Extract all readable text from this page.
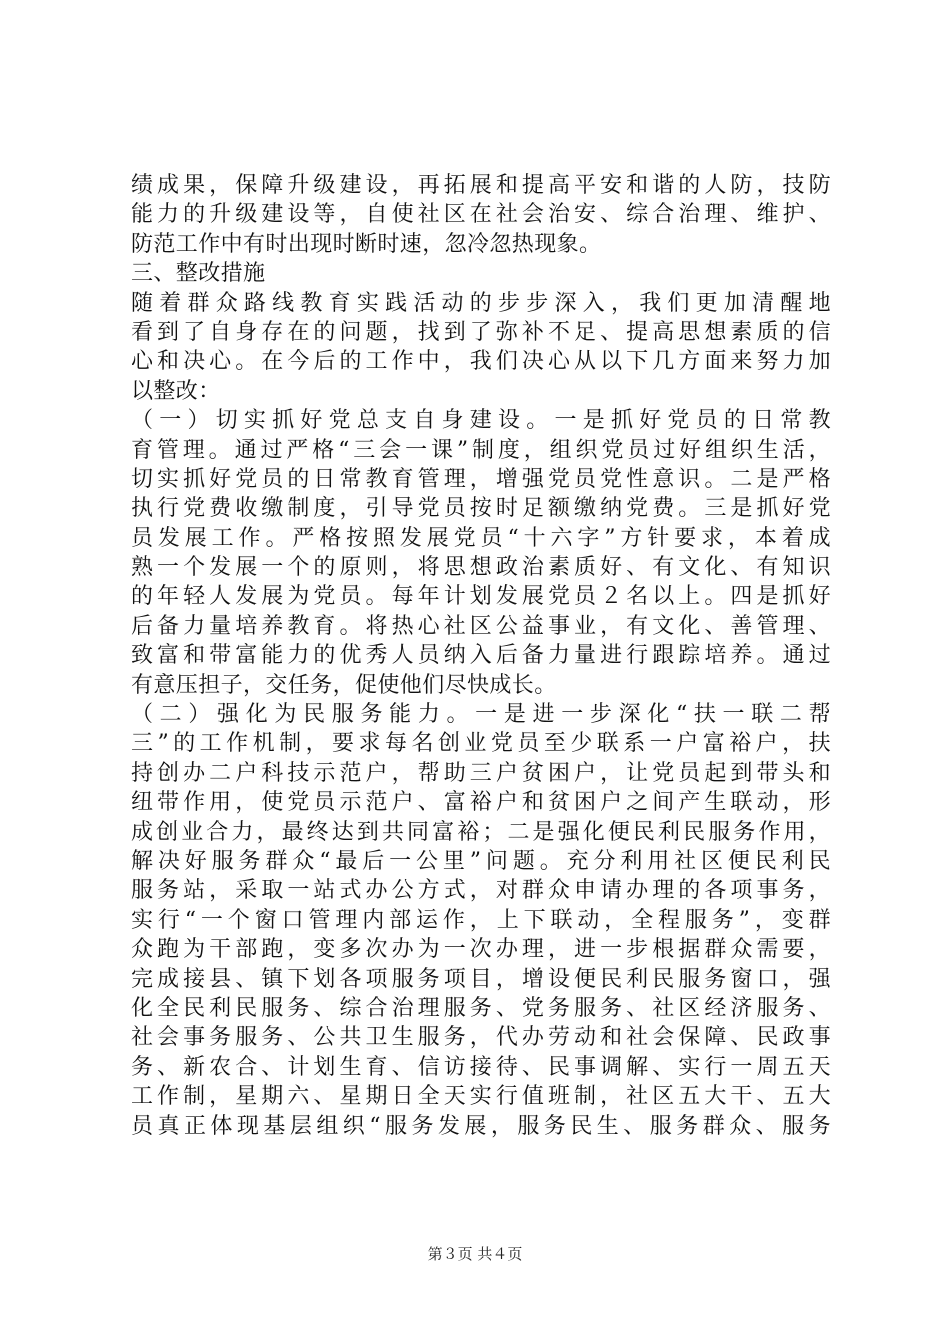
绩成果，保障升级建设，再拓展和提高平安和谐的人防，技防
能力的升级建设等，自使社区在社会治安、综合治理、维护、
防范工作中有时出现时断时速，忽冷忽热现象。
三、整改措施
随着群众路线教育实践活动的步步深入，我们更加清醒地
看到了自身存在的问题，找到了弥补不足、提高思想素质的信
心和决心。在今后的工作中，我们决心从以下几方面来努力加
以整改：
（一）切实抓好党总支自身建设。一是抓好党员的日常教
育管理。通过严格“三会一课”制度，组织党员过好组织生活，
切实抓好党员的日常教育管理，增强党员党性意识。二是严格
执行党费收缴制度，引导党员按时足额缴纳党费。三是抓好党
员发展工作。严格按照发展党员“十六字”方针要求，本着成
熟一个发展一个的原则，将思想政治素质好、有文化、有知识
的年轻人发展为党员。每年计划发展党员２名以上。四是抓好
后备力量培养教育。将热心社区公益事业，有文化、善管理、
致富和带富能力的优秀人员纳入后备力量进行跟踪培养。通过
有意压担子，交任务，促使他们尽快成长。
（二）强化为民服务能力。一是进一步深化“扶一联二帮
三”的工作机制，要求每名创业党员至少联系一户富裕户，扶
持创办二户科技示范户，帮助三户贫困户，让党员起到带头和
纽带作用，使党员示范户、富裕户和贫困户之间产生联动，形
成创业合力，最终达到共同富裕；二是强化便民利民服务作用，
解决好服务群众“最后一公里”问题。充分利用社区便民利民
服务站，采取一站式办公方式，对群众申请办理的各项事务，
实行“一个窗口管理内部运作，上下联动，全程服务”，变群
众跑为干部跑，变多次办为一次办理，进一步根据群众需要，
完成接县、镇下划各项服务项目，增设便民利民服务窗口，强
化全民利民服务、综合治理服务、党务服务、社区经济服务、
社会事务服务、公共卫生服务，代办劳动和社会保障、民政事
务、新农合、计划生育、信访接待、民事调解、实行一周五天
工作制，星期六、星期日全天实行值班制，社区五大干、五大
员真正体现基层组织“服务发展，服务民生、服务群众、服务
第３页 共４页
